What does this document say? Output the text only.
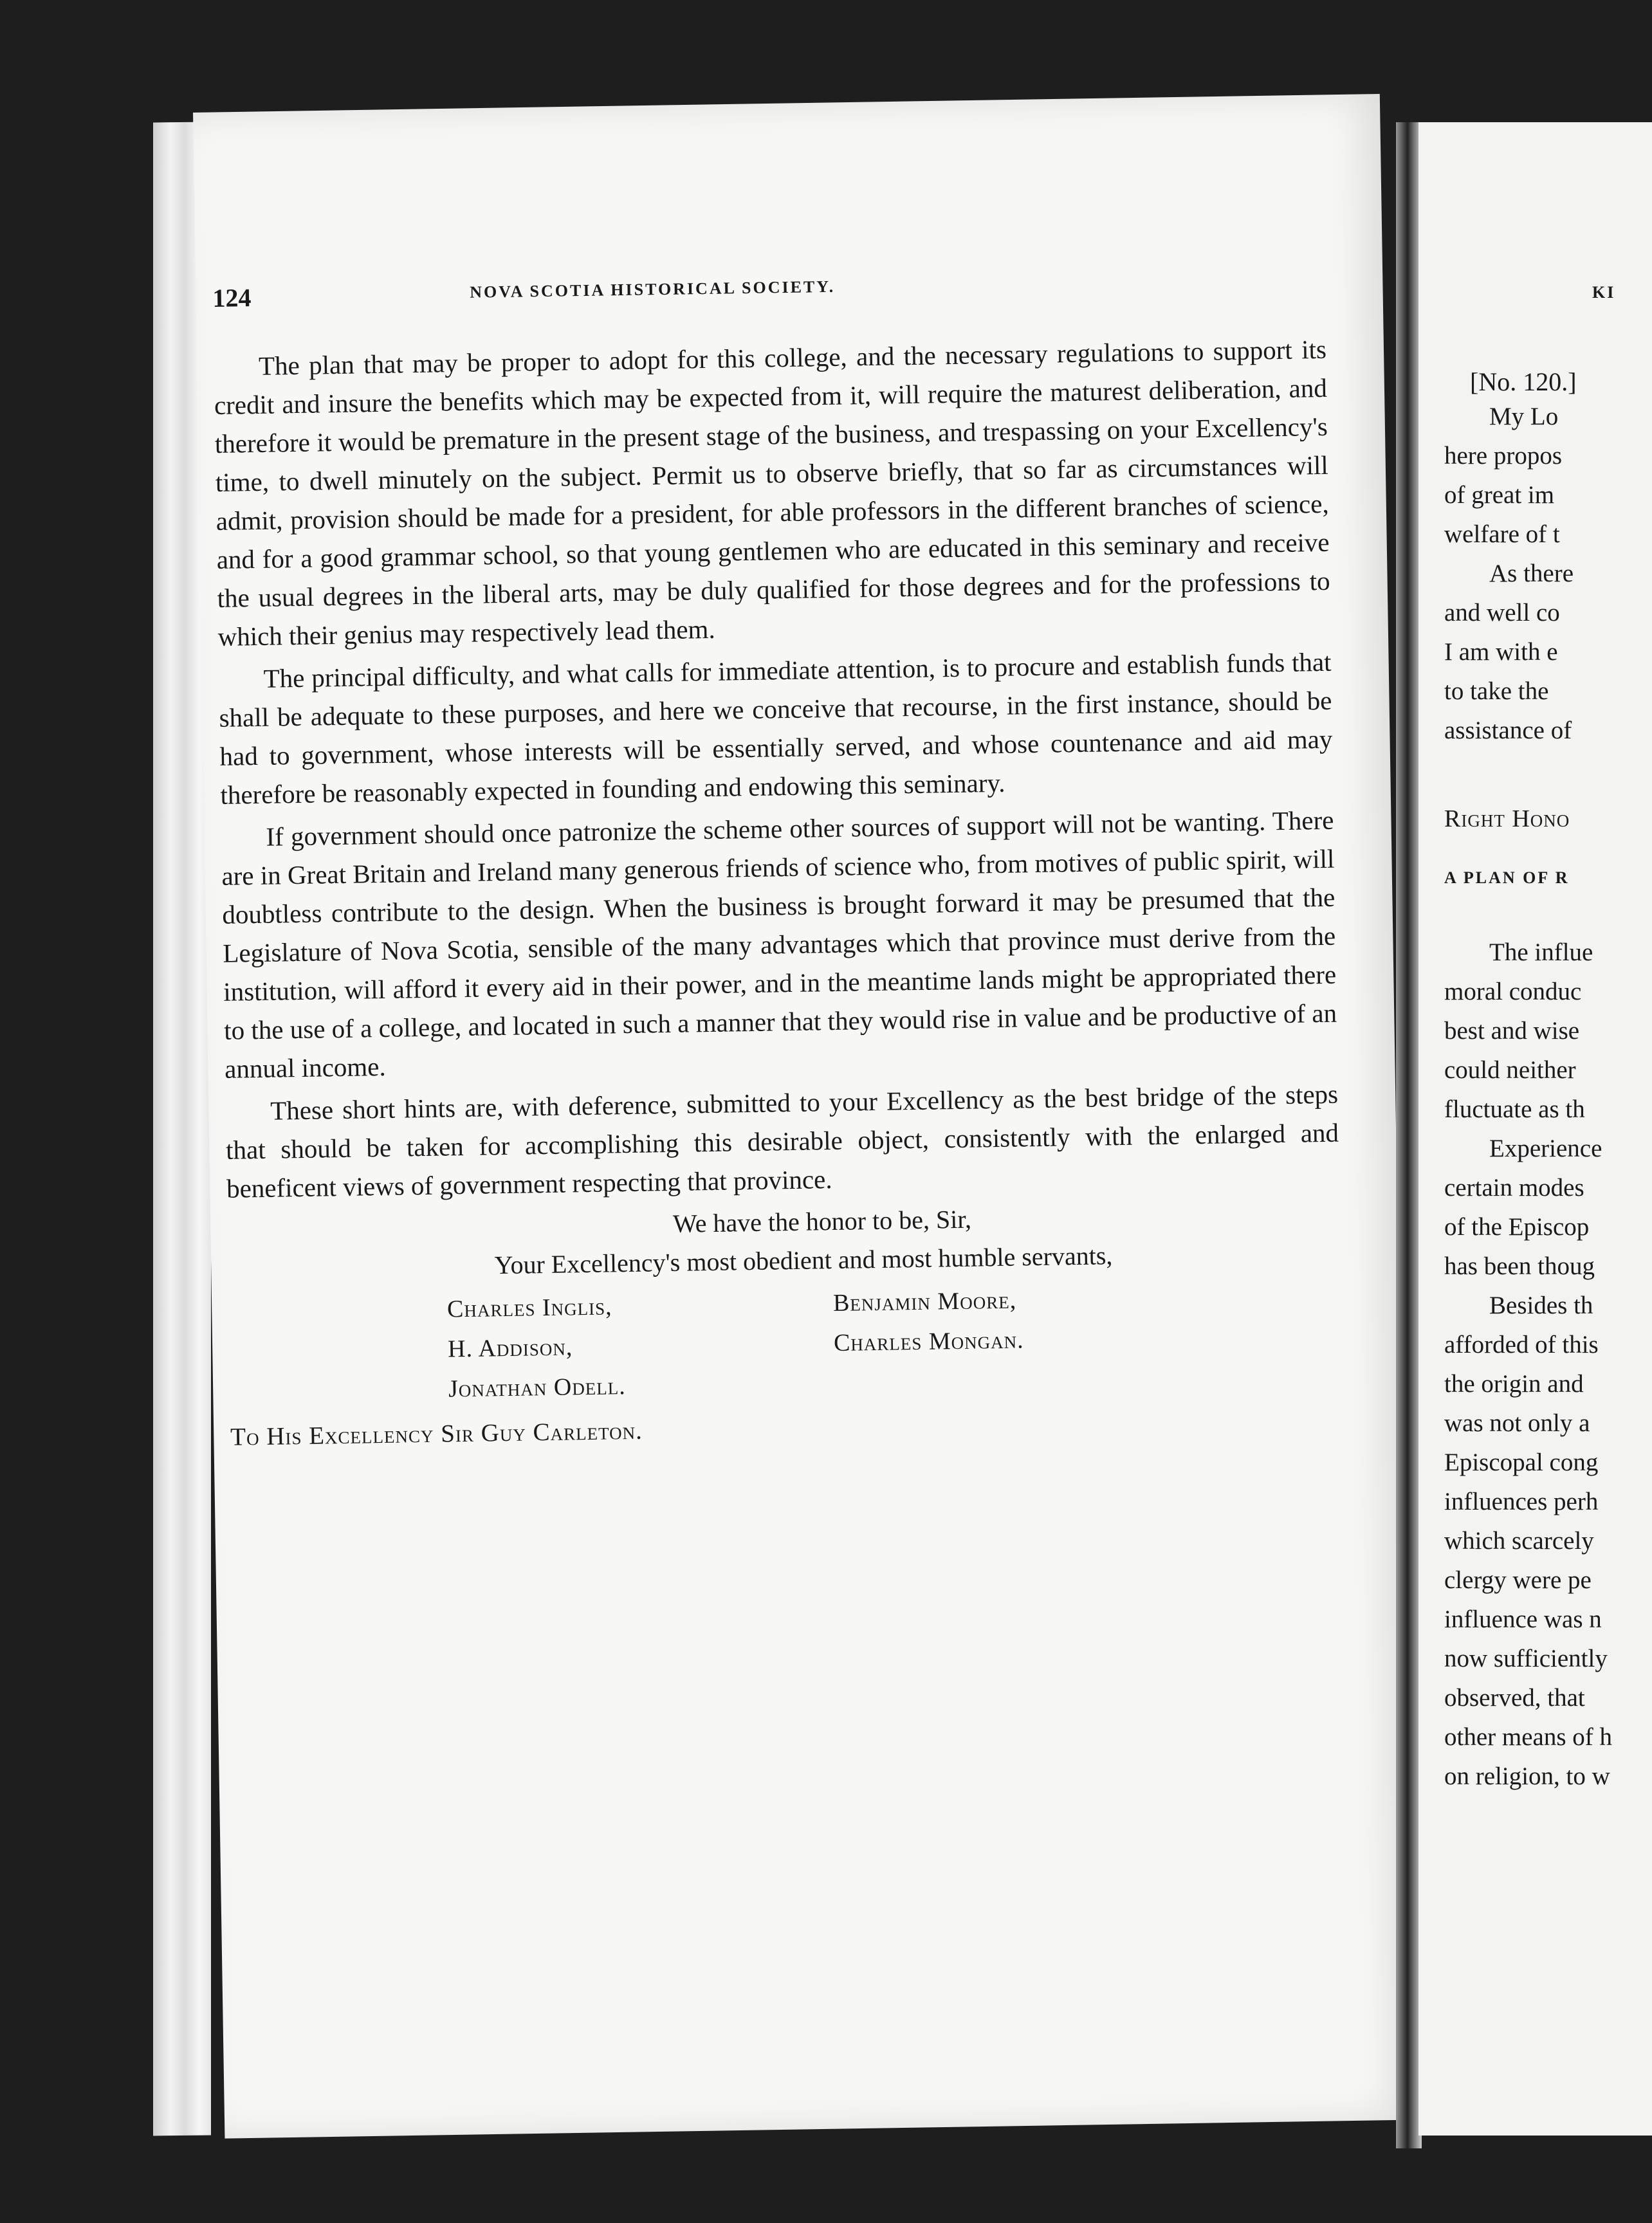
124	NOVA SCOTIA HISTORICAL SOCIETY.

The plan that may be proper to adopt for this college, and the necessary regulations to support its credit and insure the benefits which may be expected from it, will require the maturest deliberation, and therefore it would be premature in the present stage of the business, and trespassing on your Excellency's time, to dwell minutely on the subject. Permit us to observe briefly, that so far as circumstances will admit, provision should be made for a president, for able professors in the different branches of science, and for a good grammar school, so that young gentlemen who are educated in this seminary and receive the usual degrees in the liberal arts, may be duly qualified for those degrees and for the professions to which their genius may respectively lead them.

The principal difficulty, and what calls for immediate attention, is to procure and establish funds that shall be adequate to these purposes, and here we conceive that recourse, in the first instance, should be had to government, whose interests will be essentially served, and whose countenance and aid may therefore be reasonably expected in founding and endowing this seminary.

If government should once patronize the scheme other sources of support will not be wanting. There are in Great Britain and Ireland many generous friends of science who, from motives of public spirit, will doubtless contribute to the design. When the business is brought forward it may be presumed that the Legislature of Nova Scotia, sensible of the many advantages which that province must derive from the institution, will afford it every aid in their power, and in the meantime lands might be appropriated there to the use of a college, and located in such a manner that they would rise in value and be productive of an annual income.

These short hints are, with deference, submitted to your Excellency as the best bridge of the steps that should be taken for accomplishing this desirable object, consistently with the enlarged and beneficent views of government respecting that province.

We have the honor to be, Sir,
Your Excellency's most obedient and most humble servants,
Charles Inglis,
H. Addison,
Jonathan Odell.
Benjamin Moore,
Charles Mongan.
To His Excellency Sir Guy Carleton.
KI
[No. 120.]
My Lo
here propos
of great im
welfare of t
As there
and well co
I am with e
to take the
assistance of
Right Hono
A PLAN OF R
The influe
moral conduc
best and wise
could neither
fluctuate as th
Experience
certain modes
of the Episcop
has been thoug
Besides th
afforded of this
the origin and
was not only a
Episcopal cong
influences perh
which scarcely
clergy were pe
influence was n
now sufficiently
observed, that
other means of h
on religion, to w
